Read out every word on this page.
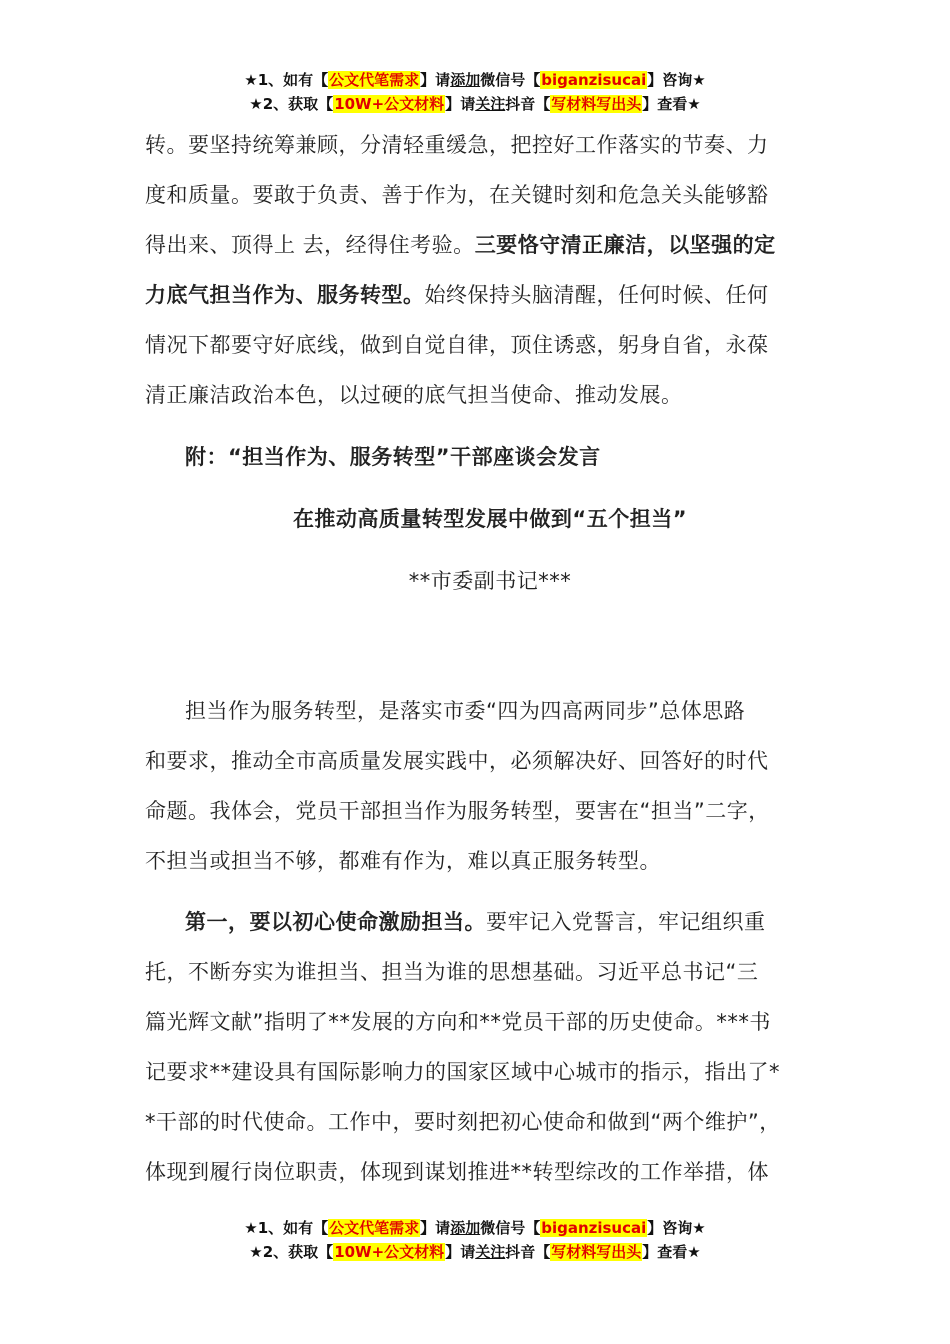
★1、如有【公文代笔需求】请添加微信号【biganzisucai】咨询★
★2、获取【10W+公文材料】请关注抖音【写材料写出头】查看★
转。要坚持统筹兼顾，分清轻重缓急，把控好工作落实的节奏、力
度和质量。要敢于负责、善于作为，在关键时刻和危急关头能够豁
得出来、顶得上 去，经得住考验。三要恪守清正廉洁，以坚强的定
力底气担当作为、服务转型。始终保持头脑清醒，任何时候、任何
情况下都要守好底线，做到自觉自律，顶住诱惑，躬身自省，永葆
清正廉洁政治本色，以过硬的底气担当使命、推动发展。
附：“担当作为、服务转型”干部座谈会发言
在推动高质量转型发展中做到“五个担当”
**市委副书记***
担当作为服务转型，是落实市委“四为四高两同步”总体思路
和要求，推动全市高质量发展实践中，必须解决好、回答好的时代
命题。我体会，党员干部担当作为服务转型，要害在“担当”二字，
不担当或担当不够，都难有作为，难以真正服务转型。
第一，要以初心使命激励担当。要牢记入党誓言，牢记组织重
托，不断夯实为谁担当、担当为谁的思想基础。习近平总书记“三
篇光辉文献”指明了**发展的方向和**党员干部的历史使命。***书
记要求**建设具有国际影响力的国家区域中心城市的指示，指出了*
*干部的时代使命。工作中，要时刻把初心使命和做到“两个维护”，
体现到履行岗位职责，体现到谋划推进**转型综改的工作举措，体
★1、如有【公文代笔需求】请添加微信号【biganzisucai】咨询★
★2、获取【10W+公文材料】请关注抖音【写材料写出头】查看★
